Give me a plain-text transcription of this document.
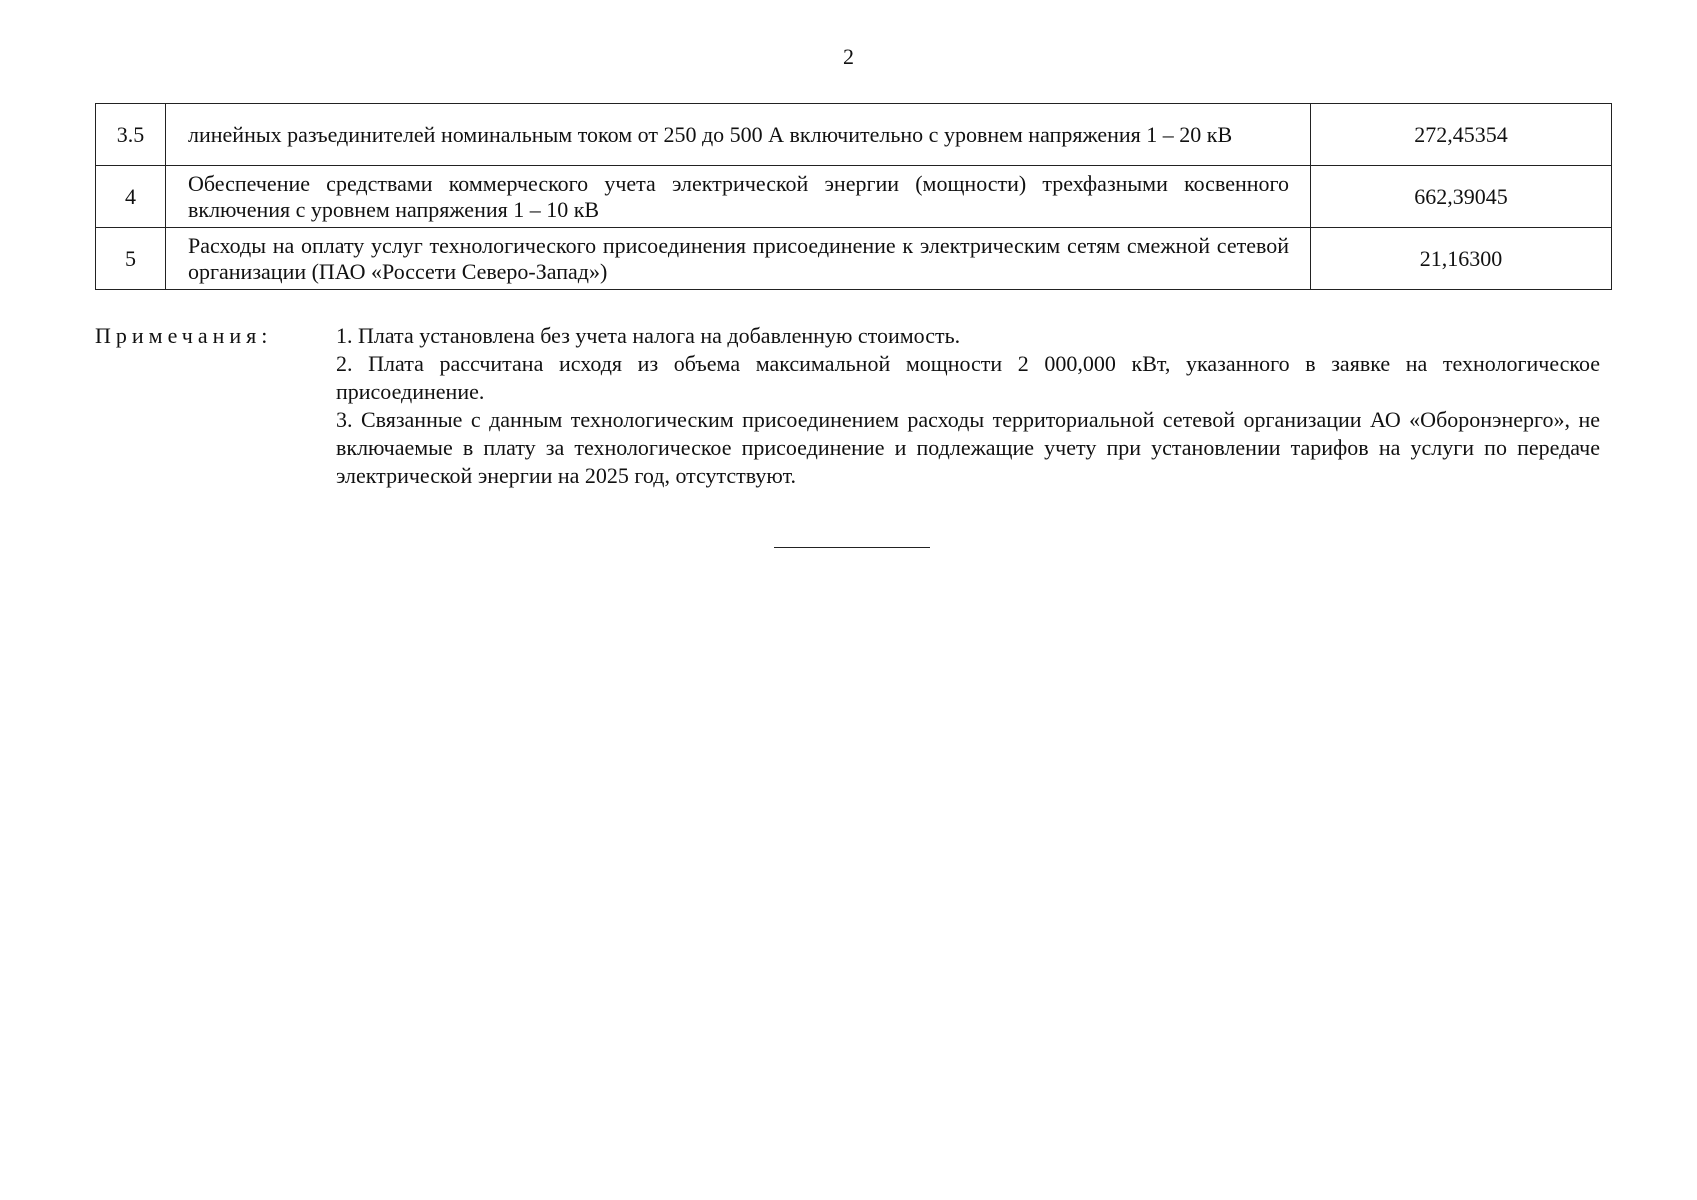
2
3.5	линейных разъединителей номинальным током от 250 до 500 А включительно с уровнем напряжения 1 – 20 кВ	272,45354
4	Обеспечение средствами коммерческого учета электрической энергии (мощности) трехфазными косвенного включения с уровнем напряжения 1 – 10 кВ	662,39045
5	Расходы на оплату услуг технологического присоединения присоединение к электрическим сетям смежной сетевой организации (ПАО «Россети Северо-Запад»)	21,16300
Примечания:	1. Плата установлена без учета налога на добавленную стоимость.
2. Плата рассчитана исходя из объема максимальной мощности 2 000,000 кВт, указанного в заявке на технологическое присоединение.
3. Связанные с данным технологическим присоединением расходы территориальной сетевой организации АО «Оборонэнерго», не включаемые в плату за технологическое присоединение и подлежащие учету при установлении тарифов на услуги по передаче электрической энергии на 2025 год, отсутствуют.
